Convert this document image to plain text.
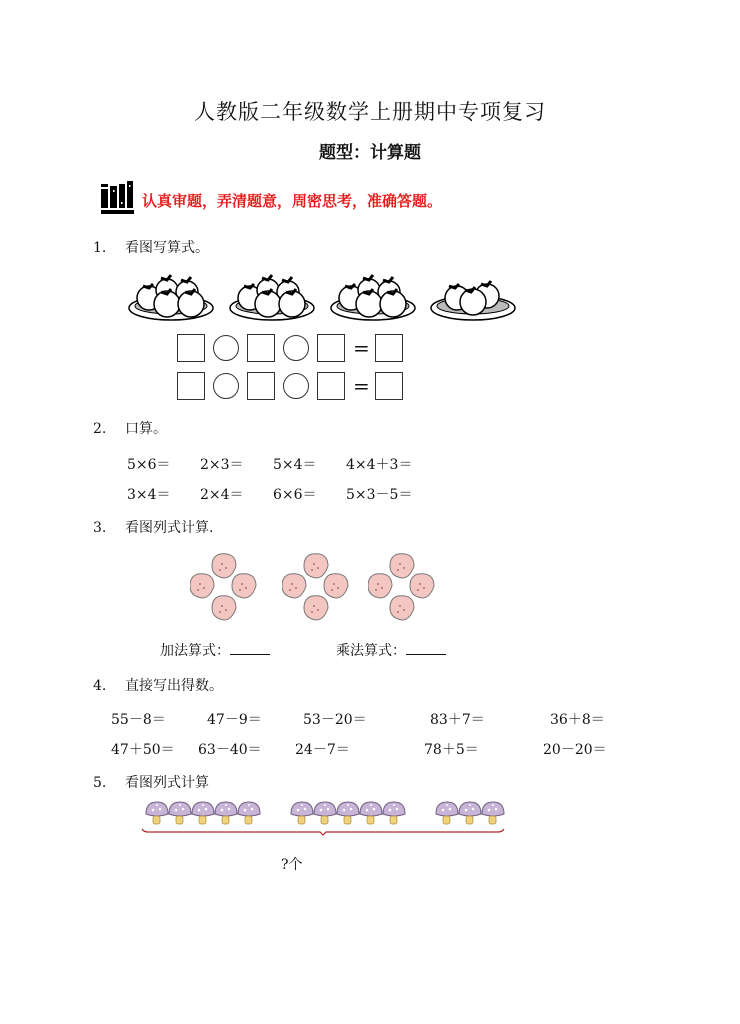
人教版二年级数学上册期中专项复习
题型：计算题
认真审题，弄清题意，周密思考，准确答题。
1. 看图写算式。
=
=
2. 口算。
5×6＝ 2×3＝ 5×4＝ 4×4＋3＝
3×4＝ 2×4＝ 6×6＝ 5×3－5＝
3. 看图列式计算.
加法算式：	乘法算式：
4. 直接写出得数。
55－8＝	47－9＝	53－20＝	83＋7＝	36＋8＝
47＋50＝ 63－40＝ 24－7＝	78＋5＝	20－20＝
5. 看图列式计算
?个
